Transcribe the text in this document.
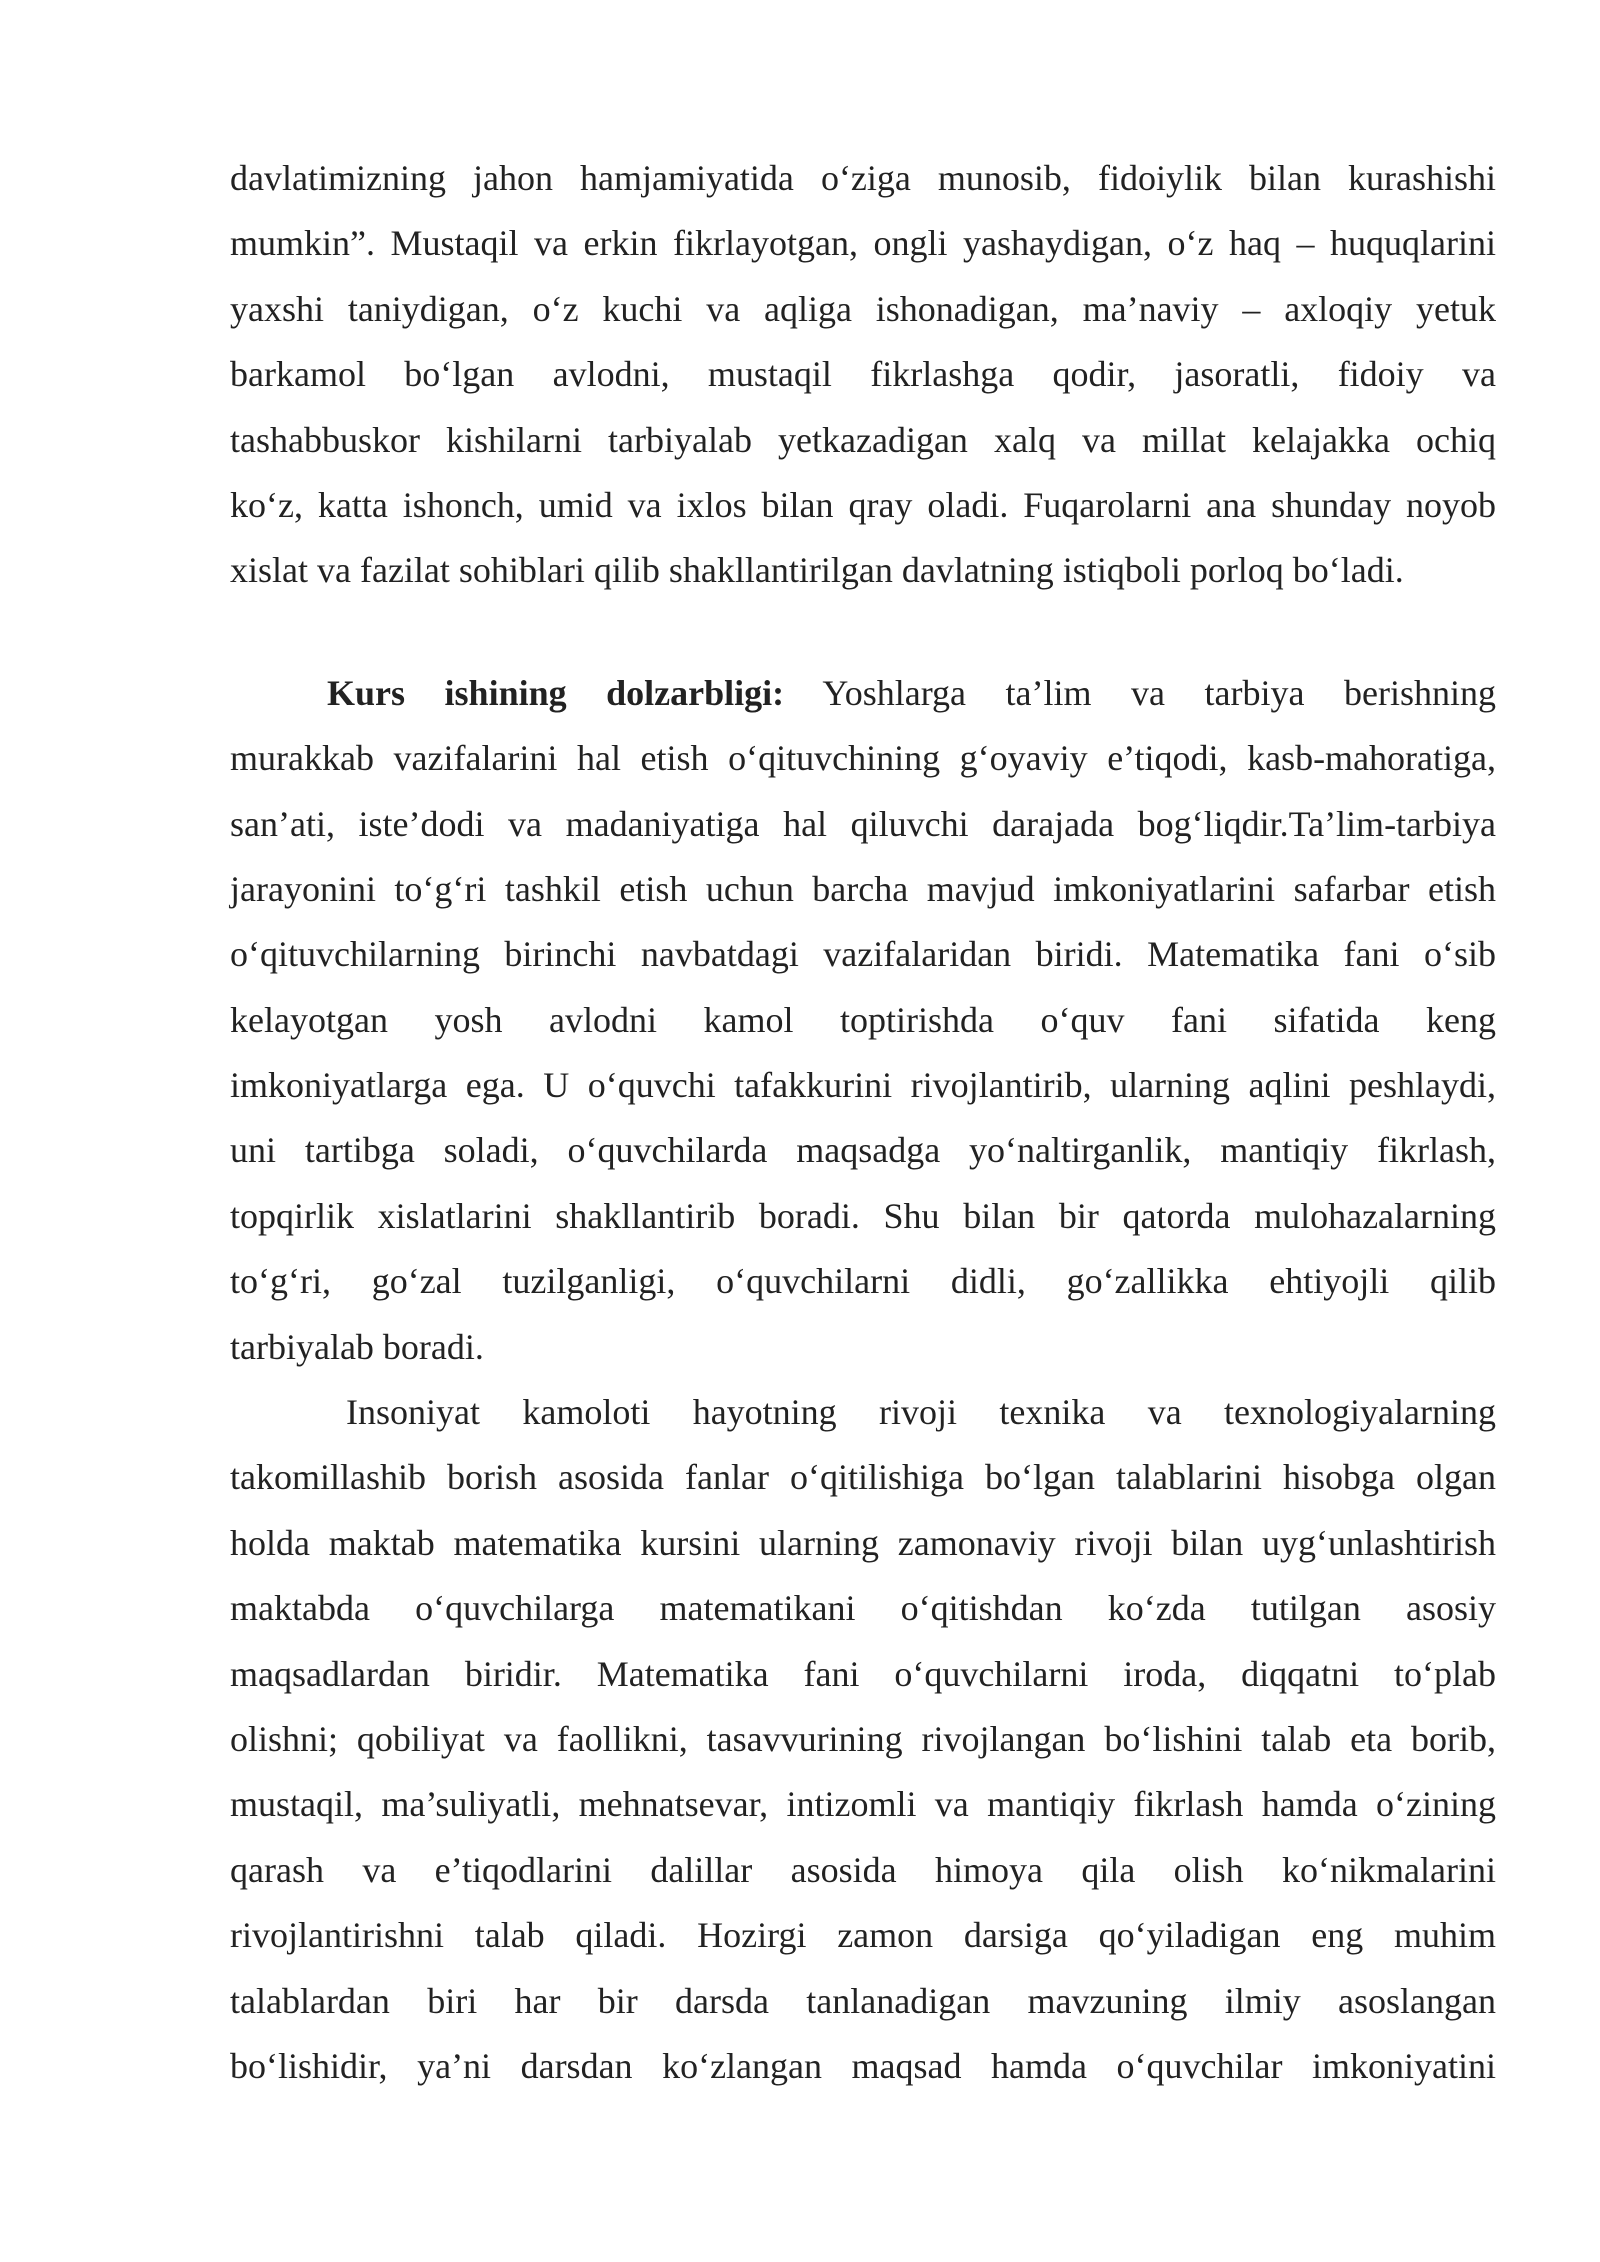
davlatimizning jahon hamjamiyatida o‘ziga munosib, fidoiylik bilan kurashishi
mumkin”. Mustaqil va erkin fikrlayotgan, ongli yashaydigan, o‘z haq – huquqlarini
yaxshi taniydigan, o‘z kuchi va aqliga ishonadigan, ma’naviy – axloqiy yetuk
barkamol bo‘lgan avlodni, mustaqil fikrlashga qodir, jasoratli, fidoiy va
tashabbuskor kishilarni tarbiyalab yetkazadigan xalq va millat kelajakka ochiq
ko‘z, katta ishonch, umid va ixlos bilan qray oladi. Fuqarolarni ana shunday noyob
xislat va fazilat sohiblari qilib shakllantirilgan davlatning istiqboli porloq bo‘ladi.
Kurs ishining dolzarbligi: Yoshlarga ta’lim va tarbiya berishning
murakkab vazifalarini hal etish o‘qituvchining g‘oyaviy e’tiqodi, kasb-mahoratiga,
san’ati, iste’dodi va madaniyatiga hal qiluvchi darajada bog‘liqdir.Ta’lim-tarbiya
jarayonini to‘g‘ri tashkil etish uchun barcha mavjud imkoniyatlarini safarbar etish
o‘qituvchilarning birinchi navbatdagi vazifalaridan biridi. Matematika fani o‘sib
kelayotgan yosh avlodni kamol toptirishda o‘quv fani sifatida keng
imkoniyatlarga ega. U o‘quvchi tafakkurini rivojlantirib, ularning aqlini peshlaydi,
uni tartibga soladi, o‘quvchilarda maqsadga yo‘naltirganlik, mantiqiy fikrlash,
topqirlik xislatlarini shakllantirib boradi. Shu bilan bir qatorda mulohazalarning
to‘g‘ri, go‘zal tuzilganligi, o‘quvchilarni didli, go‘zallikka ehtiyojli qilib
tarbiyalab boradi.
Insoniyat kamoloti hayotning rivoji texnika va texnologiyalarning
takomillashib borish asosida fanlar o‘qitilishiga bo‘lgan talablarini hisobga olgan
holda maktab matematika kursini ularning zamonaviy rivoji bilan uyg‘unlashtirish
maktabda o‘quvchilarga matematikani o‘qitishdan ko‘zda tutilgan asosiy
maqsadlardan biridir. Matematika fani o‘quvchilarni iroda, diqqatni to‘plab
olishni; qobiliyat va faollikni, tasavvurining rivojlangan bo‘lishini talab eta borib,
mustaqil, ma’suliyatli, mehnatsevar, intizomli va mantiqiy fikrlash hamda o‘zining
qarash va e’tiqodlarini dalillar asosida himoya qila olish ko‘nikmalarini
rivojlantirishni talab qiladi. Hozirgi zamon darsiga qo‘yiladigan eng muhim
talablardan biri har bir darsda tanlanadigan mavzuning ilmiy asoslangan
bo‘lishidir, ya’ni darsdan ko‘zlangan maqsad hamda o‘quvchilar imkoniyatini
